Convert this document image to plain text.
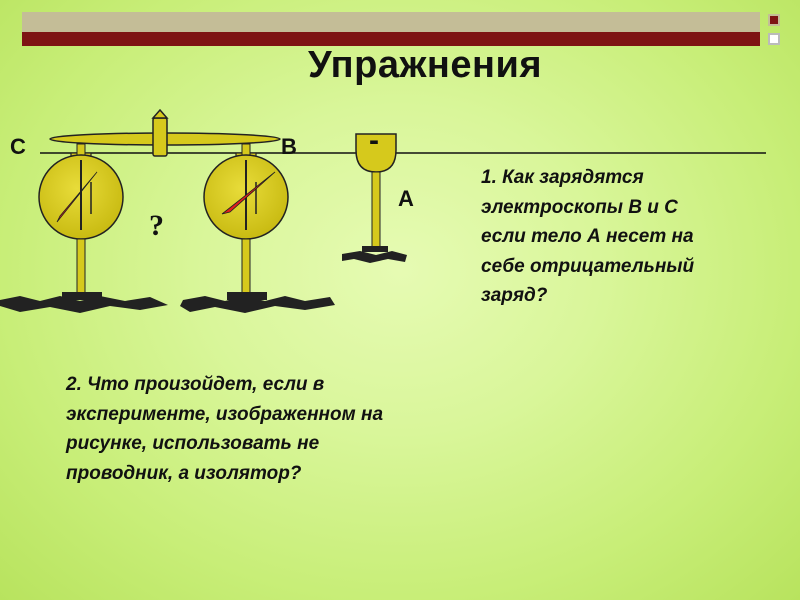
Упражнения
С	В
А
-
?
1. Как зарядятся
электроскопы В и С
если тело А несет на
себе отрицательный
заряд?
2. Что произойдет, если в
эксперименте, изображенном на
рисунке, использовать не
проводник, а изолятор?
